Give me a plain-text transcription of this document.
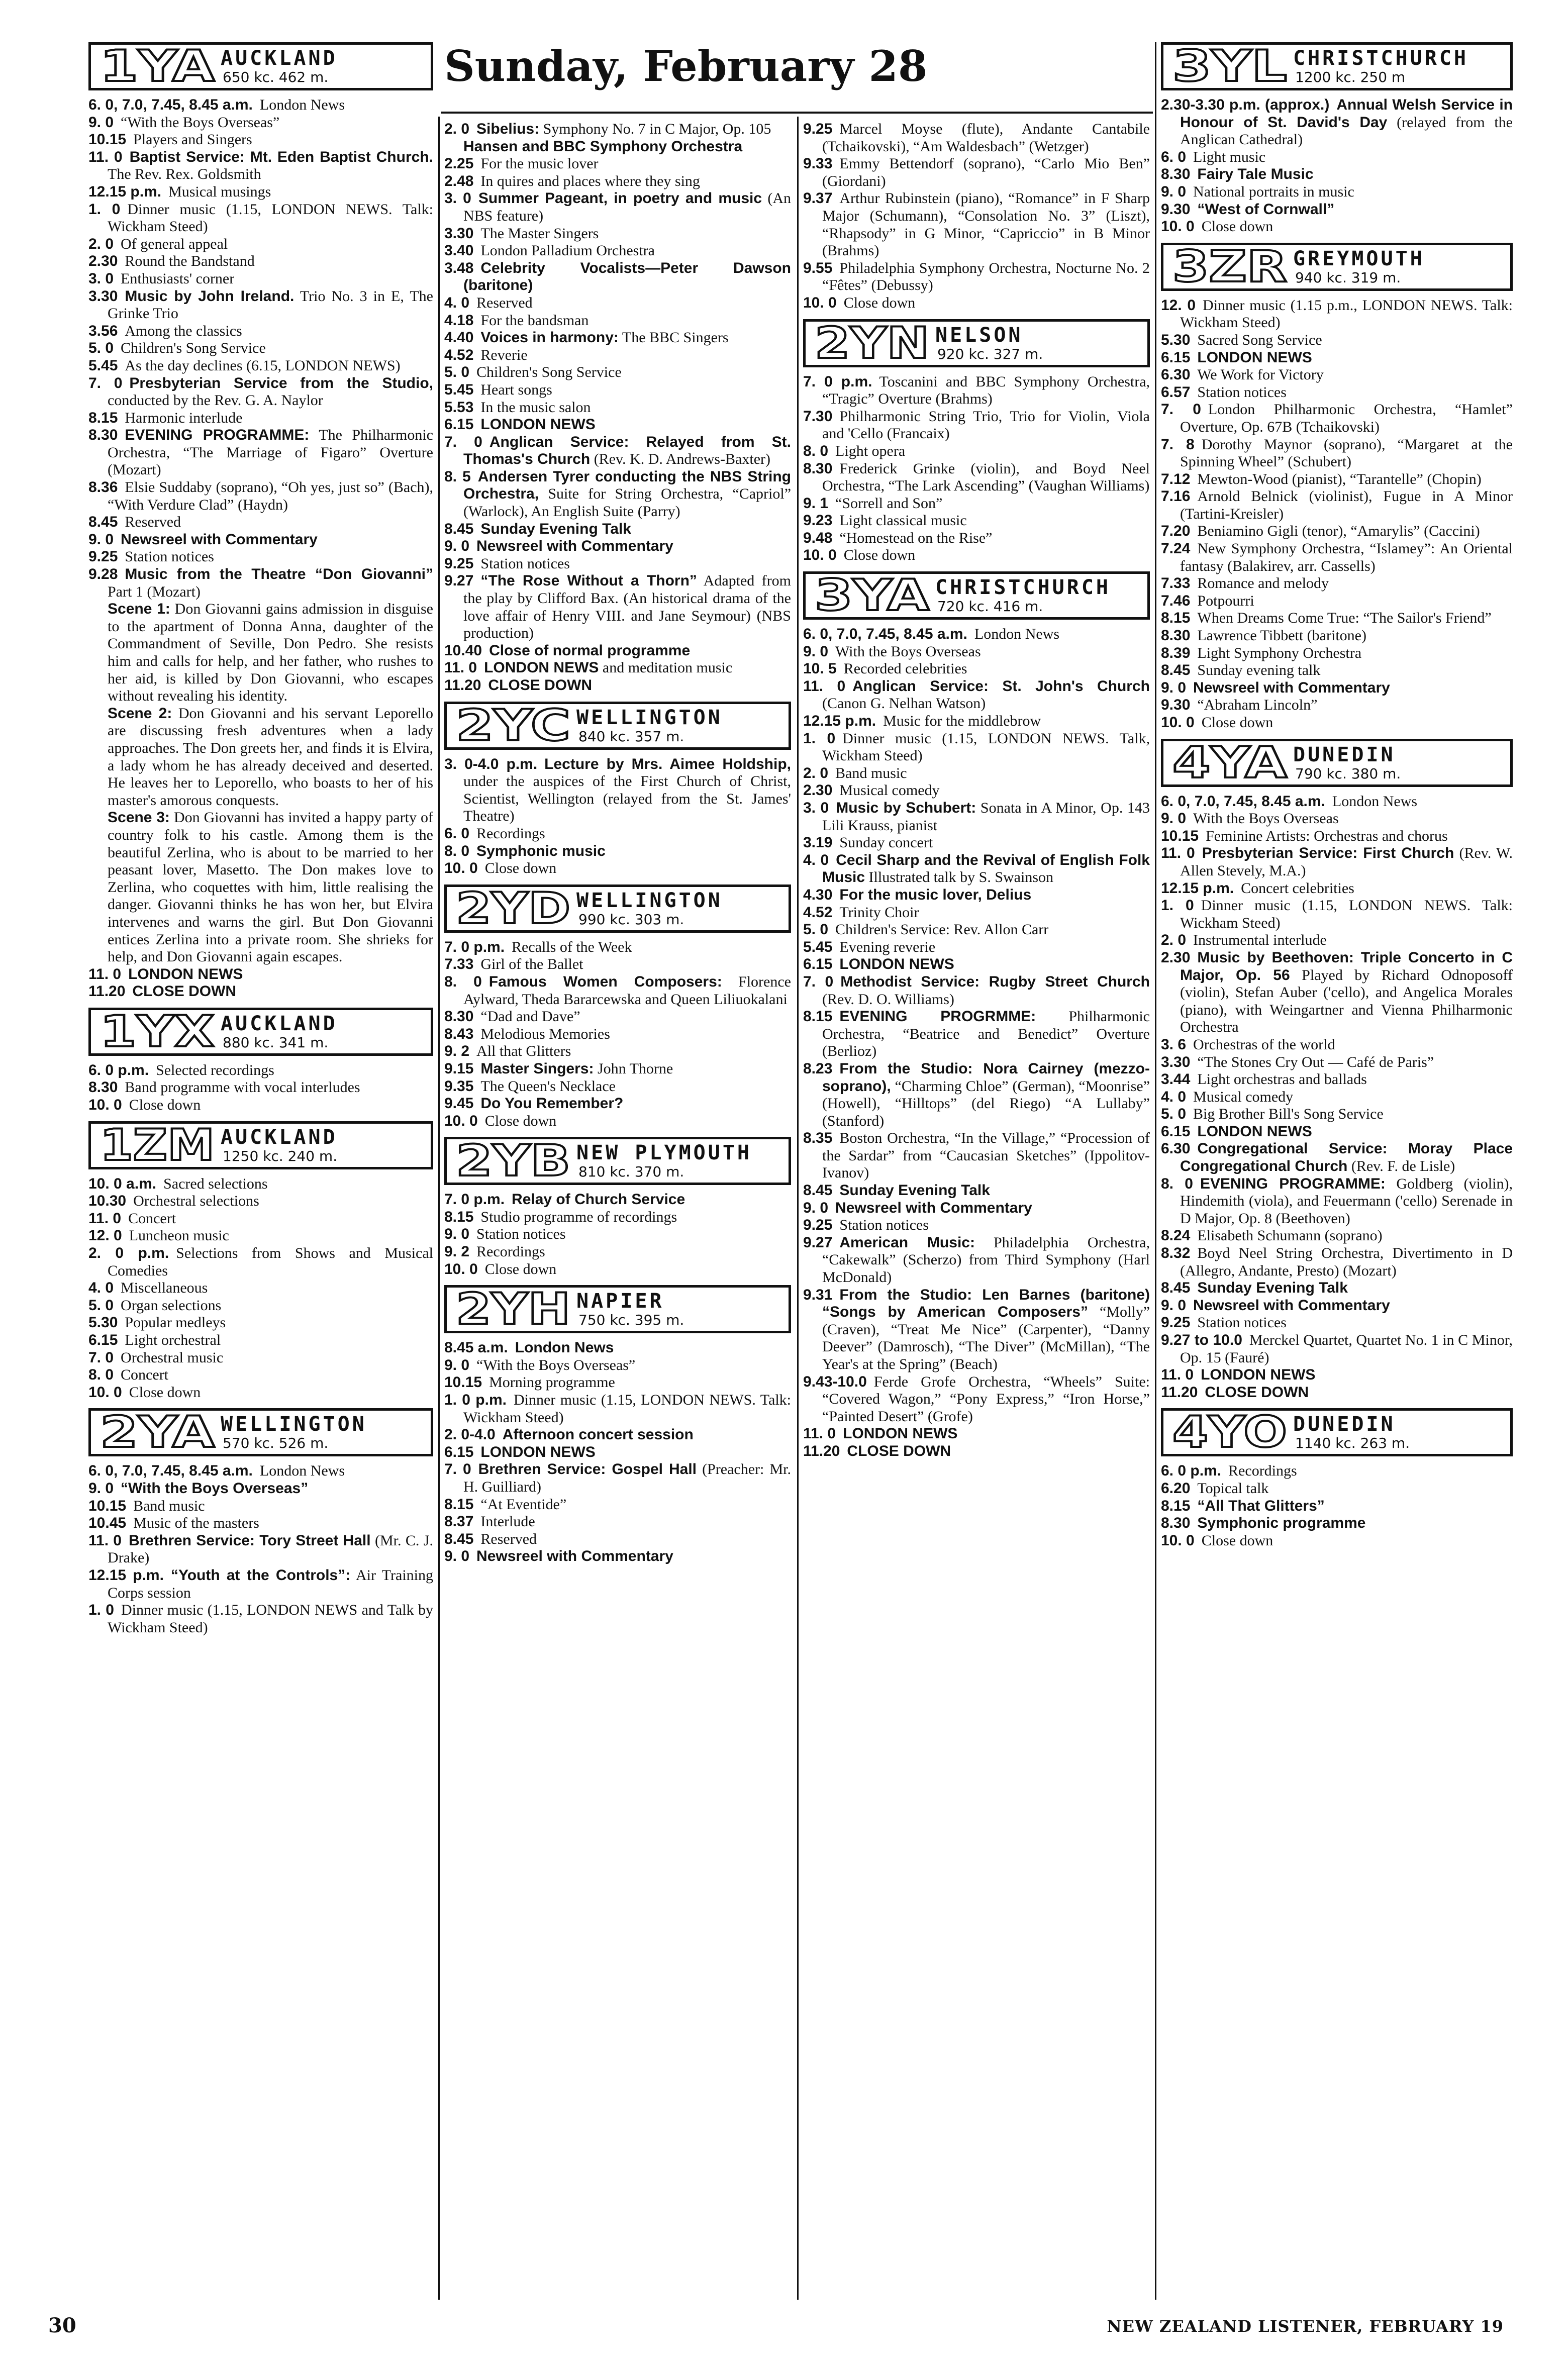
Sunday, February 28
1YA AUCKLAND
650 kc. 462 m.

6. 0, 7.0, 7.45, 8.45 a.m. London News

9. 0 “With the Boys Overseas”

10.15 Players and Singers

11. 0 Baptist Service: Mt. Eden Baptist Church. The Rev. Rex. Goldsmith

12.15 p.m. Musical musings

1. 0 Dinner music (1.15, LONDON NEWS. Talk: Wickham Steed)

2. 0 Of general appeal

2.30 Round the Bandstand

3. 0 Enthusiasts' corner

3.30 Music by John Ireland. Trio No. 3 in E, The Grinke Trio

3.56 Among the classics

5. 0 Children's Song Service

5.45 As the day declines (6.15, LONDON NEWS)

7. 0 Presbyterian Service from the Studio, conducted by the Rev. G. A. Naylor

8.15 Harmonic interlude

8.30 EVENING PROGRAMME: The Philharmonic Orchestra, “The Marriage of Figaro” Overture (Mozart)

8.36 Elsie Suddaby (soprano), “Oh yes, just so” (Bach), “With Verdure Clad” (Haydn)

8.45 Reserved

9. 0 Newsreel with Commentary

9.25 Station notices

9.28 Music from the Theatre “Don Giovanni” Part 1 (Mozart)

Scene 1: Don Giovanni gains admission in disguise to the apartment of Donna Anna, daughter of the Commandment of Seville, Don Pedro. She resists him and calls for help, and her father, who rushes to her aid, is killed by Don Giovanni, who escapes without revealing his identity.

Scene 2: Don Giovanni and his servant Leporello are discussing fresh adventures when a lady approaches. The Don greets her, and finds it is Elvira, a lady whom he has already deceived and deserted. He leaves her to Leporello, who boasts to her of his master's amorous conquests.

Scene 3: Don Giovanni has invited a happy party of country folk to his castle. Among them is the beautiful Zerlina, who is about to be married to her peasant lover, Masetto. The Don makes love to Zerlina, who coquettes with him, little realising the danger. Giovanni thinks he has won her, but Elvira intervenes and warns the girl. But Don Giovanni entices Zerlina into a private room. She shrieks for help, and Don Giovanni again escapes.

11. 0 LONDON NEWS

11.20 CLOSE DOWN

1YX AUCKLAND
880 kc. 341 m.

6. 0 p.m. Selected recordings

8.30 Band programme with vocal interludes

10. 0 Close down

1ZM AUCKLAND
1250 kc. 240 m.

10. 0 a.m. Sacred selections

10.30 Orchestral selections

11. 0 Concert

12. 0 Luncheon music

2. 0 p.m. Selections from Shows and Musical Comedies

4. 0 Miscellaneous

5. 0 Organ selections

5.30 Popular medleys

6.15 Light orchestral

7. 0 Orchestral music

8. 0 Concert

10. 0 Close down

2YA WELLINGTON
570 kc. 526 m.

6. 0, 7.0, 7.45, 8.45 a.m. London News

9. 0 “With the Boys Overseas”

10.15 Band music

10.45 Music of the masters

11. 0 Brethren Service: Tory Street Hall (Mr. C. J. Drake)

12.15 p.m. “Youth at the Controls”: Air Training Corps session

1. 0 Dinner music (1.15, LONDON NEWS and Talk by Wickham Steed)

2. 0 Sibelius: Symphony No. 7 in C Major, Op. 105

Hansen and BBC Symphony Orchestra

2.25 For the music lover

2.48 In quires and places where they sing

3. 0 Summer Pageant, in poetry and music (An NBS feature)

3.30 The Master Singers

3.40 London Palladium Orchestra

3.48 Celebrity Vocalists—Peter Dawson (baritone)

4. 0 Reserved

4.18 For the bandsman

4.40 Voices in harmony: The BBC Singers

4.52 Reverie

5. 0 Children's Song Service

5.45 Heart songs

5.53 In the music salon

6.15 LONDON NEWS

7. 0 Anglican Service: Relayed from St. Thomas's Church (Rev. K. D. Andrews-Baxter)

8. 5 Andersen Tyrer conducting the NBS String Orchestra, Suite for String Orchestra, “Capriol” (Warlock), An English Suite (Parry)

8.45 Sunday Evening Talk

9. 0 Newsreel with Commentary

9.25 Station notices

9.27 “The Rose Without a Thorn” Adapted from the play by Clifford Bax. (An historical drama of the love affair of Henry VIII. and Jane Seymour) (NBS production)

10.40 Close of normal programme

11. 0 LONDON NEWS and meditation music

11.20 CLOSE DOWN

2YC WELLINGTON
840 kc. 357 m.

3. 0-4.0 p.m. Lecture by Mrs. Aimee Holdship, under the auspices of the First Church of Christ, Scientist, Wellington (relayed from the St. James' Theatre)

6. 0 Recordings

8. 0 Symphonic music

10. 0 Close down

2YD WELLINGTON
990 kc. 303 m.

7. 0 p.m. Recalls of the Week

7.33 Girl of the Ballet

8. 0 Famous Women Composers: Florence Aylward, Theda Bararcewska and Queen Liliuokalani

8.30 “Dad and Dave”

8.43 Melodious Memories

9. 2 All that Glitters

9.15 Master Singers: John Thorne

9.35 The Queen's Necklace

9.45 Do You Remember?

10. 0 Close down

2YB NEW PLYMOUTH
810 kc. 370 m.

7. 0 p.m. Relay of Church Service

8.15 Studio programme of recordings

9. 0 Station notices

9. 2 Recordings

10. 0 Close down

2YH NAPIER
750 kc. 395 m.

8.45 a.m. London News

9. 0 “With the Boys Overseas”

10.15 Morning programme

1. 0 p.m. Dinner music (1.15, LONDON NEWS. Talk: Wickham Steed)

2. 0-4.0 Afternoon concert session

6.15 LONDON NEWS

7. 0 Brethren Service: Gospel Hall (Preacher: Mr. H. Guilliard)

8.15 “At Eventide”

8.37 Interlude

8.45 Reserved

9. 0 Newsreel with Commentary

9.25 Marcel Moyse (flute), Andante Cantabile (Tchaikovski), “Am Waldesbach” (Wetzger)

9.33 Emmy Bettendorf (soprano), “Carlo Mio Ben” (Giordani)

9.37 Arthur Rubinstein (piano), “Romance” in F Sharp Major (Schumann), “Consolation No. 3” (Liszt), “Rhapsody” in G Minor, “Capriccio” in B Minor (Brahms)

9.55 Philadelphia Symphony Orchestra, Nocturne No. 2 “Fêtes” (Debussy)

10. 0 Close down

2YN NELSON
920 kc. 327 m.

7. 0 p.m. Toscanini and BBC Symphony Orchestra, “Tragic” Overture (Brahms)

7.30 Philharmonic String Trio, Trio for Violin, Viola and 'Cello (Francaix)

8. 0 Light opera

8.30 Frederick Grinke (violin), and Boyd Neel Orchestra, “The Lark Ascending” (Vaughan Williams)

9. 1 “Sorrell and Son”

9.23 Light classical music

9.48 “Homestead on the Rise”

10. 0 Close down

3YA CHRISTCHURCH
720 kc. 416 m.

6. 0, 7.0, 7.45, 8.45 a.m. London News

9. 0 With the Boys Overseas

10. 5 Recorded celebrities

11. 0 Anglican Service: St. John's Church (Canon G. Nelhan Watson)

12.15 p.m. Music for the middlebrow

1. 0 Dinner music (1.15, LONDON NEWS. Talk, Wickham Steed)

2. 0 Band music

2.30 Musical comedy

3. 0 Music by Schubert: Sonata in A Minor, Op. 143 Lili Krauss, pianist

3.19 Sunday concert

4. 0 Cecil Sharp and the Revival of English Folk Music Illustrated talk by S. Swainson

4.30 For the music lover, Delius

4.52 Trinity Choir

5. 0 Children's Service: Rev. Allon Carr

5.45 Evening reverie

6.15 LONDON NEWS

7. 0 Methodist Service: Rugby Street Church (Rev. D. O. Williams)

8.15 EVENING PROGRMME: Philharmonic Orchestra, “Beatrice and Benedict” Overture (Berlioz)

8.23 From the Studio: Nora Cairney (mezzo-soprano), “Charming Chloe” (German), “Moonrise” (Howell), “Hilltops” (del Riego) “A Lullaby” (Stanford)

8.35 Boston Orchestra, “In the Village,” “Procession of the Sardar” from “Caucasian Sketches” (Ippolitov-Ivanov)

8.45 Sunday Evening Talk

9. 0 Newsreel with Commentary

9.25 Station notices

9.27 American Music: Philadelphia Orchestra, “Cakewalk” (Scherzo) from Third Symphony (Harl McDonald)

9.31 From the Studio: Len Barnes (baritone) “Songs by American Composers” “Molly” (Craven), “Treat Me Nice” (Carpenter), “Danny Deever” (Damrosch), “The Diver” (McMillan), “The Year's at the Spring” (Beach)

9.43-10.0 Ferde Grofe Orchestra, “Wheels” Suite: “Covered Wagon,” “Pony Express,” “Iron Horse,” “Painted Desert” (Grofe)

11. 0 LONDON NEWS

11.20 CLOSE DOWN

3YL CHRISTCHURCH
1200 kc. 250 m

2.30-3.30 p.m. (approx.) Annual Welsh Service in Honour of St. David's Day (relayed from the Anglican Cathedral)

6. 0 Light music

8.30 Fairy Tale Music

9. 0 National portraits in music

9.30 “West of Cornwall”

10. 0 Close down

3ZR GREYMOUTH
940 kc. 319 m.

12. 0 Dinner music (1.15 p.m., LONDON NEWS. Talk: Wickham Steed)

5.30 Sacred Song Service

6.15 LONDON NEWS

6.30 We Work for Victory

6.57 Station notices

7. 0 London Philharmonic Orchestra, “Hamlet” Overture, Op. 67B (Tchaikovski)

7. 8 Dorothy Maynor (soprano), “Margaret at the Spinning Wheel” (Schubert)

7.12 Mewton-Wood (pianist), “Tarantelle” (Chopin)

7.16 Arnold Belnick (violinist), Fugue in A Minor (Tartini-Kreisler)

7.20 Beniamino Gigli (tenor), “Amarylis” (Caccini)

7.24 New Symphony Orchestra, “Islamey”: An Oriental fantasy (Balakirev, arr. Cassells)

7.33 Romance and melody

7.46 Potpourri

8.15 When Dreams Come True: “The Sailor's Friend”

8.30 Lawrence Tibbett (baritone)

8.39 Light Symphony Orchestra

8.45 Sunday evening talk

9. 0 Newsreel with Commentary

9.30 “Abraham Lincoln”

10. 0 Close down

4YA DUNEDIN
790 kc. 380 m.

6. 0, 7.0, 7.45, 8.45 a.m. London News

9. 0 With the Boys Overseas

10.15 Feminine Artists: Orchestras and chorus

11. 0 Presbyterian Service: First Church (Rev. W. Allen Stevely, M.A.)

12.15 p.m. Concert celebrities

1. 0 Dinner music (1.15, LONDON NEWS. Talk: Wickham Steed)

2. 0 Instrumental interlude

2.30 Music by Beethoven: Triple Concerto in C Major, Op. 56 Played by Richard Odnoposoff (violin), Stefan Auber ('cello), and Angelica Morales (piano), with Weingartner and Vienna Philharmonic Orchestra

3. 6 Orchestras of the world

3.30 “The Stones Cry Out — Café de Paris”

3.44 Light orchestras and ballads

4. 0 Musical comedy

5. 0 Big Brother Bill's Song Service

6.15 LONDON NEWS

6.30 Congregational Service: Moray Place Congregational Church (Rev. F. de Lisle)

8. 0 EVENING PROGRAMME: Goldberg (violin), Hindemith (viola), and Feuermann ('cello) Serenade in D Major, Op. 8 (Beethoven)

8.24 Elisabeth Schumann (soprano)

8.32 Boyd Neel String Orchestra, Divertimento in D (Allegro, Andante, Presto) (Mozart)

8.45 Sunday Evening Talk

9. 0 Newsreel with Commentary

9.25 Station notices

9.27 to 10.0 Merckel Quartet, Quartet No. 1 in C Minor, Op. 15 (Fauré)

11. 0 LONDON NEWS

11.20 CLOSE DOWN

4YO DUNEDIN
1140 kc. 263 m.

6. 0 p.m. Recordings

6.20 Topical talk

8.15 “All That Glitters”

8.30 Symphonic programme

10. 0 Close down

30	NEW ZEALAND LISTENER, FEBRUARY 19
